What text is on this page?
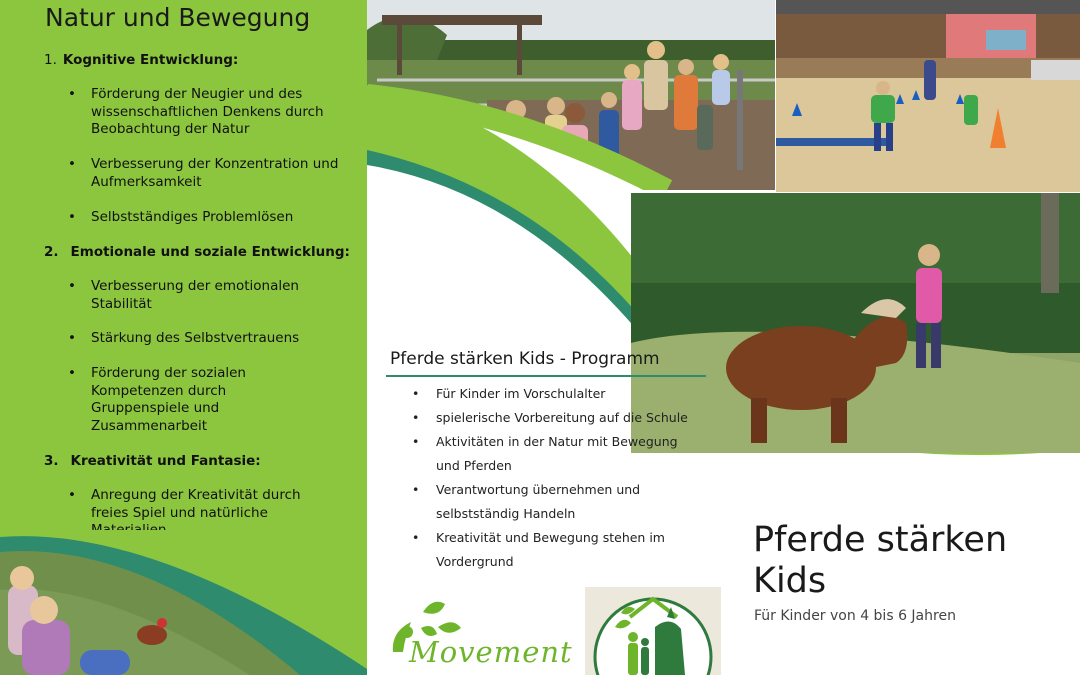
Natur und Bewegung
1. Kognitive Entwicklung:
• Förderung der Neugier und des wissenschaftlichen Denkens durch Beobachtung der Natur
• Verbesserung der Konzentration und Aufmerksamkeit
• Selbstständiges Problemlösen
2. Emotionale und soziale Entwicklung:
• Verbesserung der emotionalen Stabilität
• Stärkung des Selbstvertrauens
• Förderung der sozialen Kompetenzen durch Gruppenspiele und Zusammenarbeit
3. Kreativität und Fantasie:
• Anregung der Kreativität durch freies Spiel und natürliche
Pferde stärken Kids - Programm
• Für Kinder im Vorschulalter
• spielerische Vorbereitung auf die Schule
• Aktivitäten in der Natur mit Bewegung
und Pferden
• Verantwortung übernehmen und
selbstständig Handeln
• Kreativität und Bewegung stehen im
Vordergrund
Pferde stärken
Kids
Für Kinder von 4 bis 6 Jahren
Movement
